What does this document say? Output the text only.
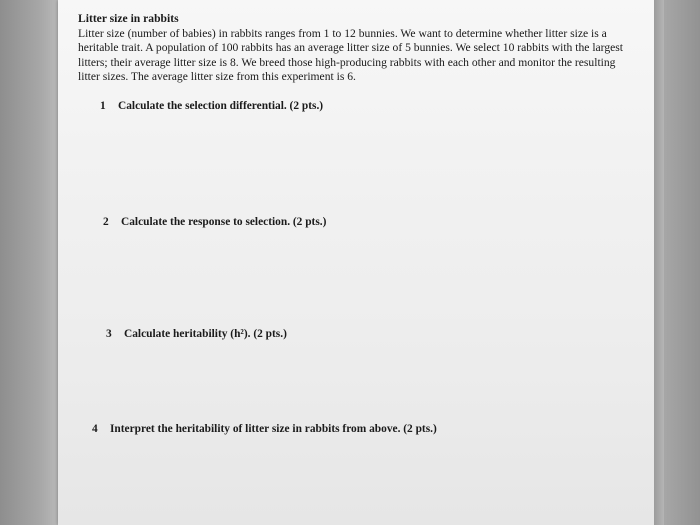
Litter size in rabbits
Litter size (number of babies) in rabbits ranges from 1 to 12 bunnies. We want to determine whether litter size is a heritable trait. A population of 100 rabbits has an average litter size of 5 bunnies. We select 10 rabbits with the largest litters; their average litter size is 8. We breed those high-producing rabbits with each other and monitor the resulting litter sizes. The average litter size from this experiment is 6.
1 Calculate the selection differential. (2 pts.)
2 Calculate the response to selection. (2 pts.)
3 Calculate heritability (h²). (2 pts.)
4 Interpret the heritability of litter size in rabbits from above. (2 pts.)
